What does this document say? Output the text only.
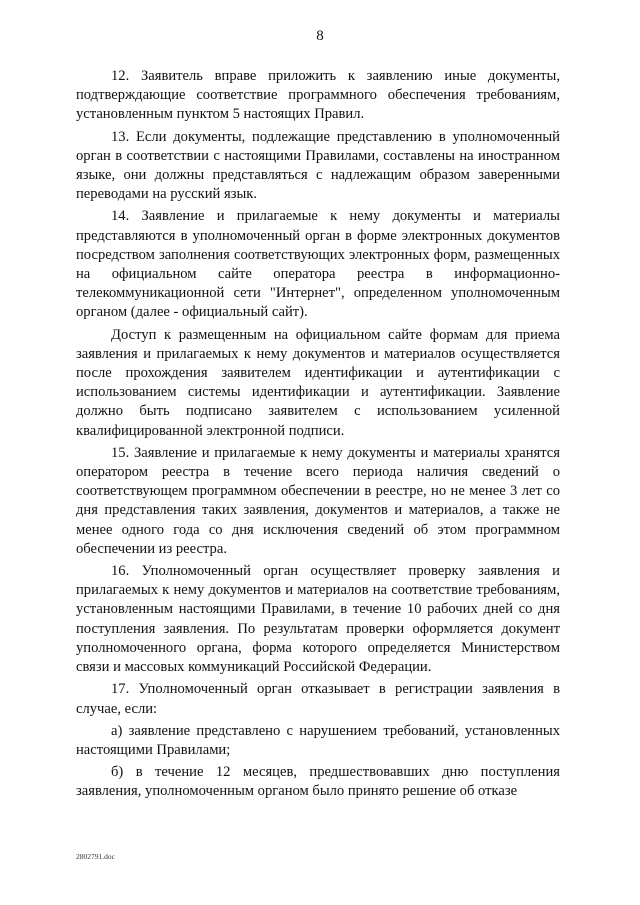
8

12. Заявитель вправе приложить к заявлению иные документы, подтверждающие соответствие программного обеспечения требованиям, установленным пунктом 5 настоящих Правил.

13. Если документы, подлежащие представлению в уполномоченный орган в соответствии с настоящими Правилами, составлены на иностранном языке, они должны представляться с надлежащим образом заверенными переводами на русский язык.

14. Заявление и прилагаемые к нему документы и материалы представляются в уполномоченный орган в форме электронных документов посредством заполнения соответствующих электронных форм, размещенных на официальном сайте оператора реестра в информационно-телекоммуникационной сети "Интернет", определенном уполномоченным органом (далее - официальный сайт).

Доступ к размещенным на официальном сайте формам для приема заявления и прилагаемых к нему документов и материалов осуществляется после прохождения заявителем идентификации и аутентификации с использованием системы идентификации и аутентификации. Заявление должно быть подписано заявителем с использованием усиленной квалифицированной электронной подписи.

15. Заявление и прилагаемые к нему документы и материалы хранятся оператором реестра в течение всего периода наличия сведений о соответствующем программном обеспечении в реестре, но не менее 3 лет со дня представления таких заявления, документов и материалов, а также не менее одного года со дня исключения сведений об этом программном обеспечении из реестра.

16. Уполномоченный орган осуществляет проверку заявления и прилагаемых к нему документов и материалов на соответствие требованиям, установленным настоящими Правилами, в течение 10 рабочих дней со дня поступления заявления. По результатам проверки оформляется документ уполномоченного органа, форма которого определяется Министерством связи и массовых коммуникаций Российской Федерации.

17. Уполномоченный орган отказывает в регистрации заявления в случае, если:

а) заявление представлено с нарушением требований, установленных настоящими Правилами;

б) в течение 12 месяцев, предшествовавших дню поступления заявления, уполномоченным органом было принято решение об отказе

2802791.doc
